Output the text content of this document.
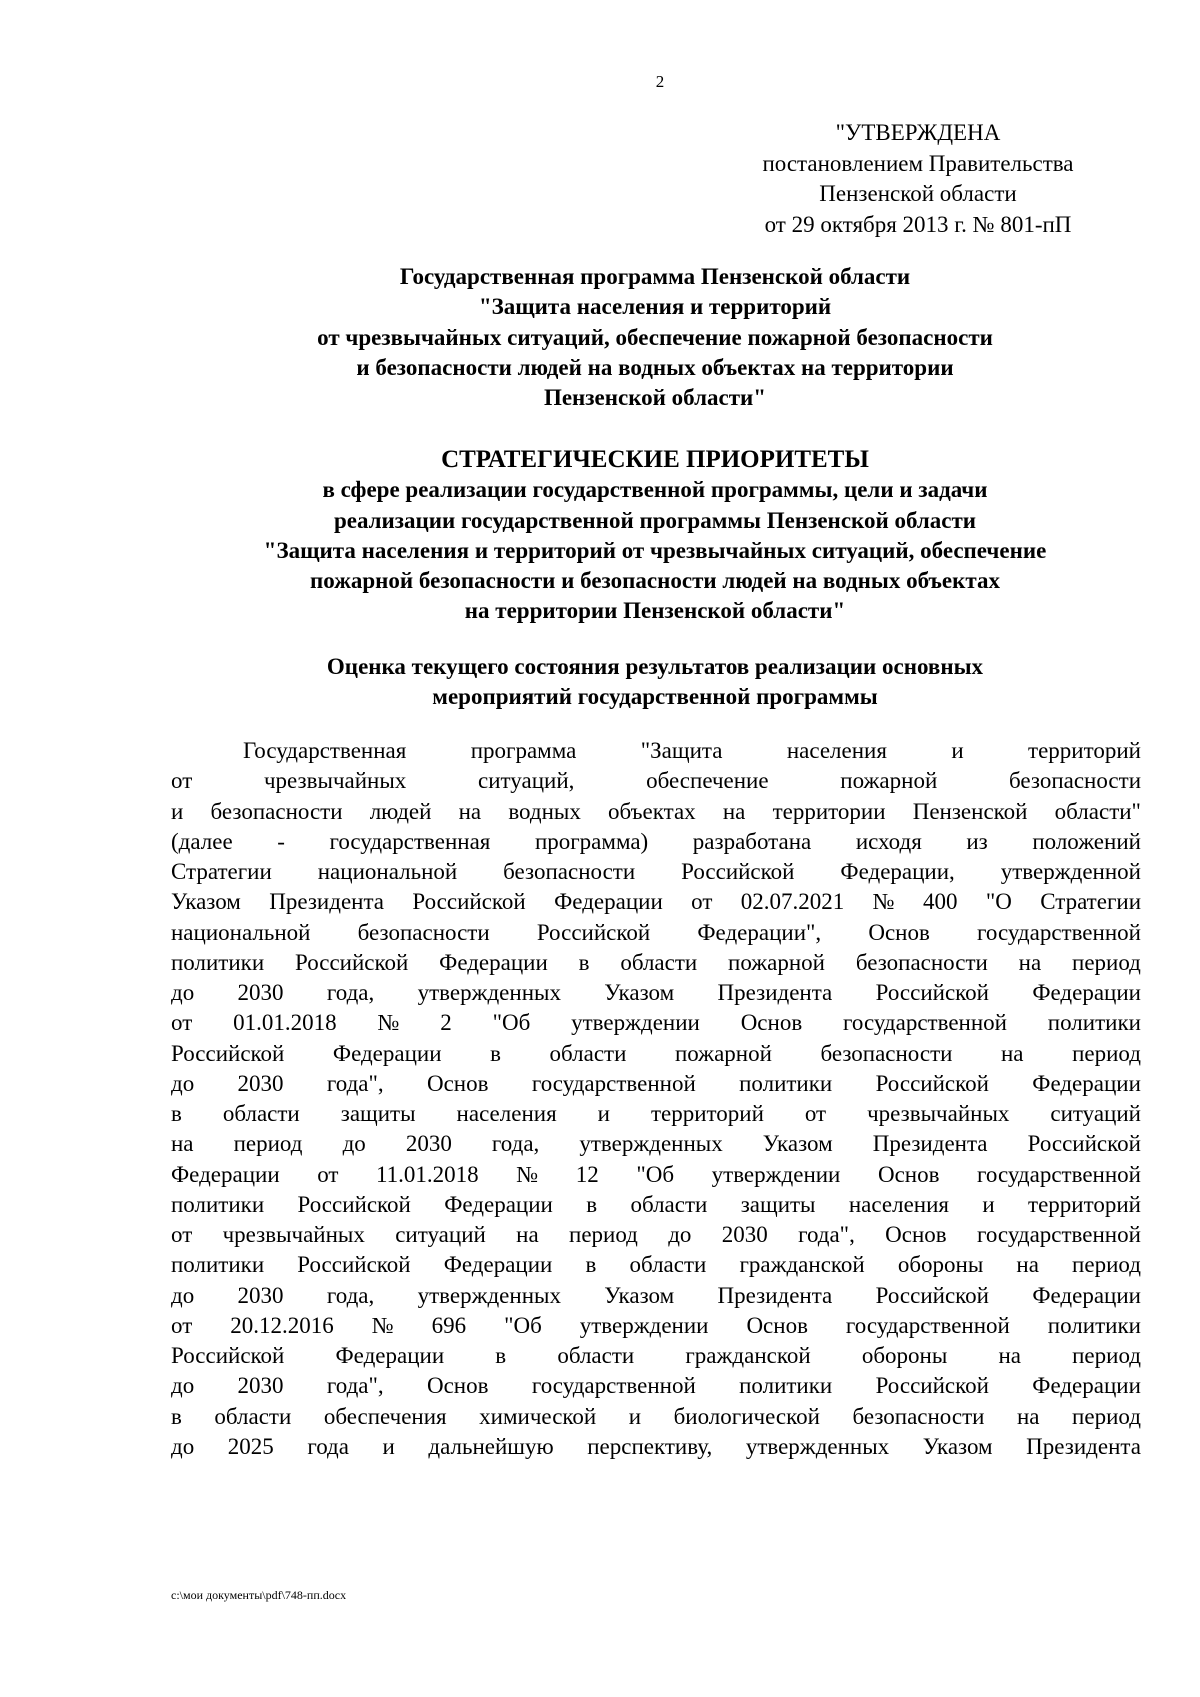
2
"УТВЕРЖДЕНА
постановлением Правительства
Пензенской области
от 29 октября 2013 г. № 801-пП
Государственная программа Пензенской области
"Защита населения и территорий
от чрезвычайных ситуаций, обеспечение пожарной безопасности
и безопасности людей на водных объектах на территории
Пензенской области"
СТРАТЕГИЧЕСКИЕ ПРИОРИТЕТЫ
в сфере реализации государственной программы, цели и задачи
реализации государственной программы Пензенской области
"Защита населения и территорий от чрезвычайных ситуаций, обеспечение
пожарной безопасности и безопасности людей на водных объектах
на территории Пензенской области"
Оценка текущего состояния результатов реализации основных
мероприятий государственной программы
Государственная	программа	"Защита	населения	и	территорий
от	чрезвычайных	ситуаций,	обеспечение	пожарной	безопасности
и безопасности людей на водных объектах на территории Пензенской области"
(далее - государственная программа) разработана исходя из положений
Стратегии национальной безопасности Российской Федерации, утвержденной
Указом Президента Российской Федерации от 02.07.2021 № 400 "О Стратегии
национальной безопасности Российской Федерации", Основ государственной
политики Российской Федерации в области пожарной безопасности на период
до 2030 года, утвержденных Указом Президента Российской Федерации
от 01.01.2018 № 2 "Об утверждении Основ государственной политики
Российской Федерации в области пожарной безопасности на период
до 2030 года", Основ государственной политики Российской Федерации
в области защиты населения и территорий от чрезвычайных ситуаций
на период до 2030 года, утвержденных Указом Президента Российской
Федерации от 11.01.2018 № 12 "Об утверждении Основ государственной
политики Российской Федерации в области защиты населения и территорий
от чрезвычайных ситуаций на период до 2030 года", Основ государственной
политики Российской Федерации в области гражданской обороны на период
до 2030 года, утвержденных Указом Президента Российской Федерации
от 20.12.2016 № 696 "Об утверждении Основ государственной политики
Российской Федерации в области гражданской обороны на период
до 2030 года", Основ государственной политики Российской Федерации
в области обеспечения химической и биологической безопасности на период
до 2025 года и дальнейшую перспективу, утвержденных Указом Президента
c:\мои документы\pdf\748-пп.docx
